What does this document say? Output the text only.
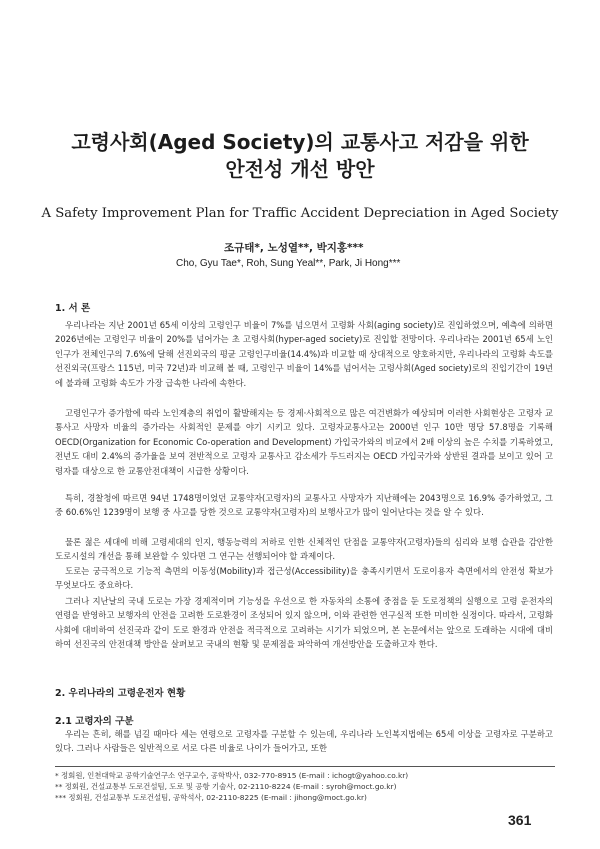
고령사회(Aged Society)의 교통사고 저감을 위한
안전성 개선 방안
A Safety Improvement Plan for Traffic Accident Depreciation in Aged Society
조규태*, 노성열**, 박지홍***
Cho, Gyu Tae*, Roh, Sung Yeal**, Park, Ji Hong***
1. 서 론

우리나라는 지난 2001년 65세 이상의 고령인구 비율이 7%를 넘으면서 고령화 사회(aging society)로 진입하였으며, 예측에 의하면 2026년에는 고령인구 비율이 20%를 넘어가는 초 고령사회(hyper-aged society)로 진입할 전망이다. 우리나라는 2001년 65세 노인인구가 전체인구의 7.6%에 달해 선진외국의 평균 고령인구비율(14.4%)과 비교할 때 상대적으로 양호하지만, 우리나라의 고령화 속도를 선진외국(프랑스 115년, 미국 72년)과 비교해 볼 때, 고령인구 비율이 14%를 넘어서는 고령사회(Aged society)로의 진입기간이 19년에 불과해 고령화 속도가 가장 급속한 나라에 속한다.

고령인구가 증가함에 따라 노인계층의 취업이 활발해지는 등 경제·사회적으로 많은 여건변화가 예상되며 이러한 사회현상은 고령자 교통사고 사망자 비율의 증가라는 사회적인 문제를 야기 시키고 있다. 고령자교통사고는 2000년 인구 10만 명당 57.8명을 기록해 OECD(Organization for Economic Co-operation and Development) 가입국가와의 비교에서 2배 이상의 높은 수치를 기록하였고, 전년도 대비 2.4%의 증가율을 보여 전반적으로 고령자 교통사고 감소세가 두드러지는 OECD 가입국가와 상반된 결과를 보이고 있어 고령자를 대상으로 한 교통안전대책이 시급한 상황이다.

특히, 경찰청에 따르면 94년 1748명이었던 교통약자(고령자)의 교통사고 사망자가 지난해에는 2043명으로 16.9% 증가하였고, 그 중 60.6%인 1239명이 보행 중 사고를 당한 것으로 교통약자(고령자)의 보행사고가 많이 일어난다는 것을 알 수 있다.

물론 젊은 세대에 비해 고령세대의 인지, 행동능력의 저하로 인한 신체적인 단점을 교통약자(고령자)들의 심리와 보행 습관을 감안한 도로시설의 개선을 통해 보완할 수 있다면 그 연구는 선행되어야 할 과제이다.

도로는 궁극적으로 기능적 측면의 이동성(Mobility)과 접근성(Accessibility)을 충족시키면서 도로이용자 측면에서의 안전성 확보가 무엇보다도 중요하다.

그러나 지난날의 국내 도로는 가장 경제적이며 기능성을 우선으로 한 자동차의 소통에 중점을 둔 도로정책의 실행으로 고령 운전자의 연령을 반영하고 보행자의 안전을 고려한 도로환경이 조성되어 있지 않으며, 이와 관련한 연구실적 또한 미비한 실정이다. 따라서, 고령화 사회에 대비하여 선진국과 같이 도로 환경과 안전을 적극적으로 고려하는 시기가 되었으며, 본 논문에서는 앞으로 도래하는 시대에 대비하여 선진국의 안전대책 방안을 살펴보고 국내의 현황 및 문제점을 파악하여 개선방안을 도출하고자 한다.

2. 우리나라의 고령운전자 현황
2.1 고령자의 구분

우리는 흔히, 해를 넘길 때마다 세는 연령으로 고령자를 구분할 수 있는데, 우리나라 노인복지법에는 65세 이상을 고령자로 구분하고 있다. 그러나 사람들은 일반적으로 서로 다른 비율로 나이가 들어가고, 또한

* 정회원, 인천대학교 공학기술연구소 연구교수, 공학박사, 032-770-8915 (E-mail : ichogt@yahoo.co.kr)
** 정회원, 건설교통부 도로건설팀, 도로 및 공항 기술사, 02-2110-8224 (E-mail : syroh@moct.go.kr)
*** 정회원, 건설교통부 도로건설팀, 공학석사, 02-2110-8225 (E-mail : jihong@moct.go.kr)
361
